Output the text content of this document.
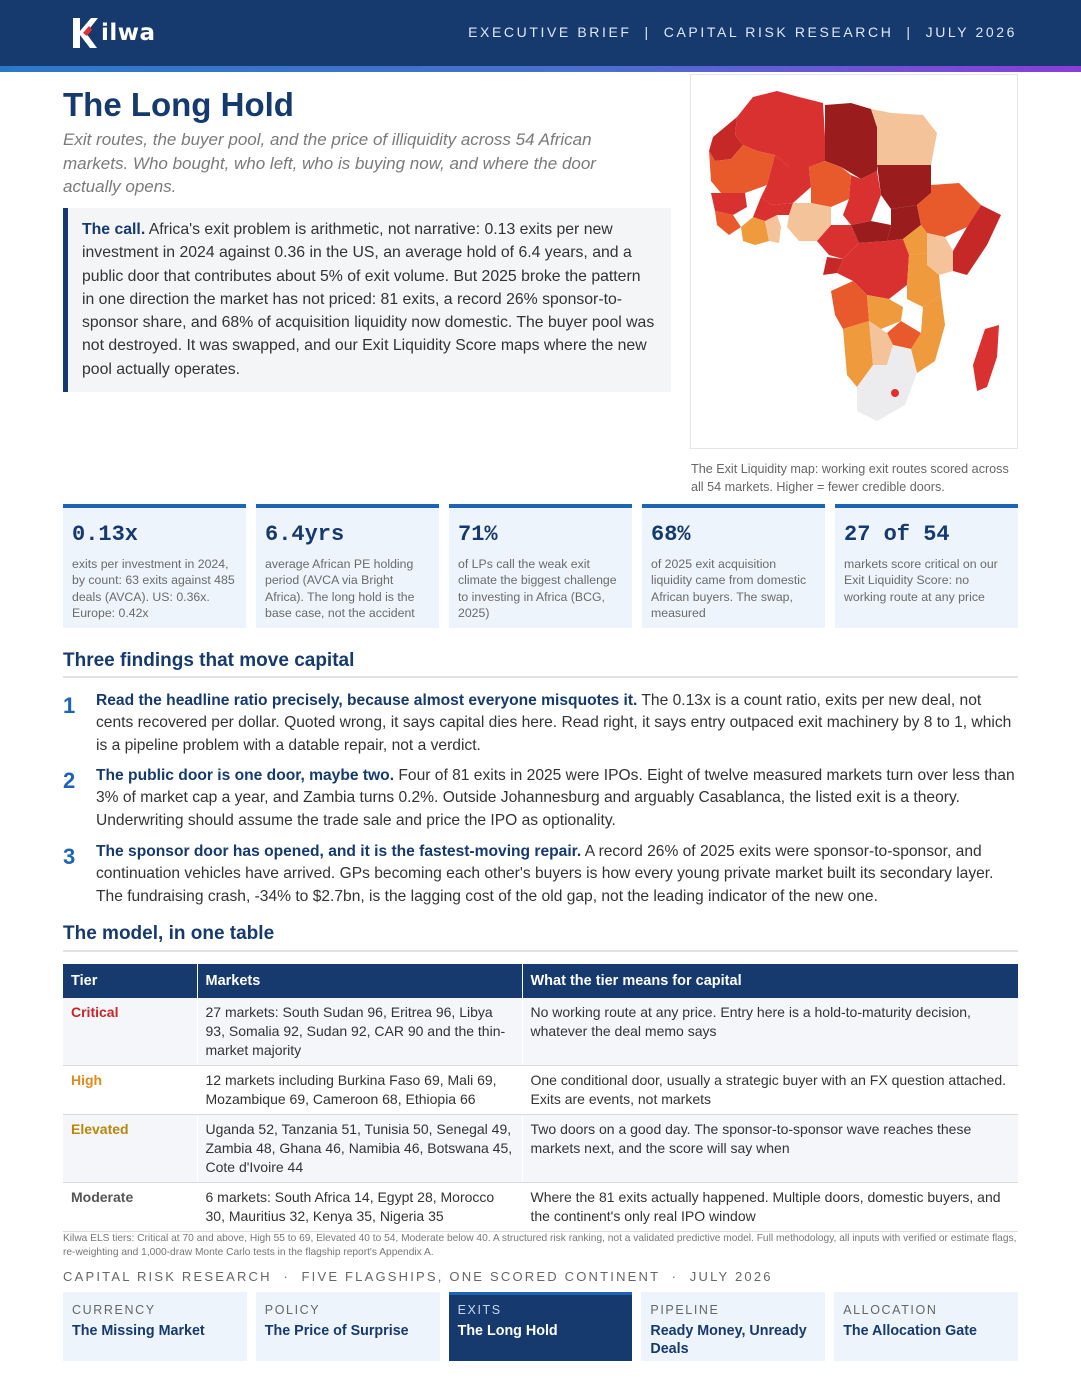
ilwa	EXECUTIVE BRIEF  |  CAPITAL RISK RESEARCH  |  JULY 2026
The Long Hold

Exit routes, the buyer pool, and the price of illiquidity across 54 African markets. Who bought, who left, who is buying now, and where the door actually opens.

The call. Africa's exit problem is arithmetic, not narrative: 0.13 exits per new investment in 2024 against 0.36 in the US, an average hold of 6.4 years, and a public door that contributes about 5% of exit volume. But 2025 broke the pattern in one direction the market has not priced: 81 exits, a record 26% sponsor-to-sponsor share, and 68% of acquisition liquidity now domestic. The buyer pool was not destroyed. It was swapped, and our Exit Liquidity Score maps where the new pool actually operates.

The Exit Liquidity map: working exit routes scored across all 54 markets. Higher = fewer credible doors.

0.13x
exits per investment in 2024, by count: 63 exits against 485 deals (AVCA). US: 0.36x. Europe: 0.42x
6.4yrs
average African PE holding period (AVCA via Bright Africa). The long hold is the base case, not the accident
71%
of LPs call the weak exit climate the biggest challenge to investing in Africa (BCG, 2025)
68%
of 2025 exit acquisition liquidity came from domestic African buyers. The swap, measured
27 of 54
markets score critical on our Exit Liquidity Score: no working route at any price
Three findings that move capital
1	Read the headline ratio precisely, because almost everyone misquotes it. The 0.13x is a count ratio, exits per new deal, not cents recovered per dollar. Quoted wrong, it says capital dies here. Read right, it says entry outpaced exit machinery by 8 to 1, which is a pipeline problem with a datable repair, not a verdict.

2	The public door is one door, maybe two. Four of 81 exits in 2025 were IPOs. Eight of twelve measured markets turn over less than 3% of market cap a year, and Zambia turns 0.2%. Outside Johannesburg and arguably Casablanca, the listed exit is a theory. Underwriting should assume the trade sale and price the IPO as optionality.

3	The sponsor door has opened, and it is the fastest-moving repair. A record 26% of 2025 exits were sponsor-to-sponsor, and continuation vehicles have arrived. GPs becoming each other's buyers is how every young private market built its secondary layer. The fundraising crash, -34% to $2.7bn, is the lagging cost of the old gap, not the leading indicator of the new one.

The model, in one table
Tier	Markets	What the tier means for capital
Critical	27 markets: South Sudan 96, Eritrea 96, Libya 93, Somalia 92, Sudan 92, CAR 90 and the thin-market majority	No working route at any price. Entry here is a hold-to-maturity decision, whatever the deal memo says
High	12 markets including Burkina Faso 69, Mali 69, Mozambique 69, Cameroon 68, Ethiopia 66	One conditional door, usually a strategic buyer with an FX question attached. Exits are events, not markets
Elevated	Uganda 52, Tanzania 51, Tunisia 50, Senegal 49, Zambia 48, Ghana 46, Namibia 46, Botswana 45, Cote d'Ivoire 44	Two doors on a good day. The sponsor-to-sponsor wave reaches these markets next, and the score will say when
Moderate	6 markets: South Africa 14, Egypt 28, Morocco 30, Mauritius 32, Kenya 35, Nigeria 35	Where the 81 exits actually happened. Multiple doors, domestic buyers, and the continent's only real IPO window

Kilwa ELS tiers: Critical at 70 and above, High 55 to 69, Elevated 40 to 54, Moderate below 40. A structured risk ranking, not a validated predictive model. Full methodology, all inputs with verified or estimate flags, re-weighting and 1,000-draw Monte Carlo tests in the flagship report's Appendix A.

CAPITAL RISK RESEARCH  ·  FIVE FLAGSHIPS, ONE SCORED CONTINENT  ·  JULY 2026
CURRENCY
The Missing Market
POLICY
The Price of Surprise
EXITS
The Long Hold
PIPELINE
Ready Money, Unready Deals
ALLOCATION
The Allocation Gate
